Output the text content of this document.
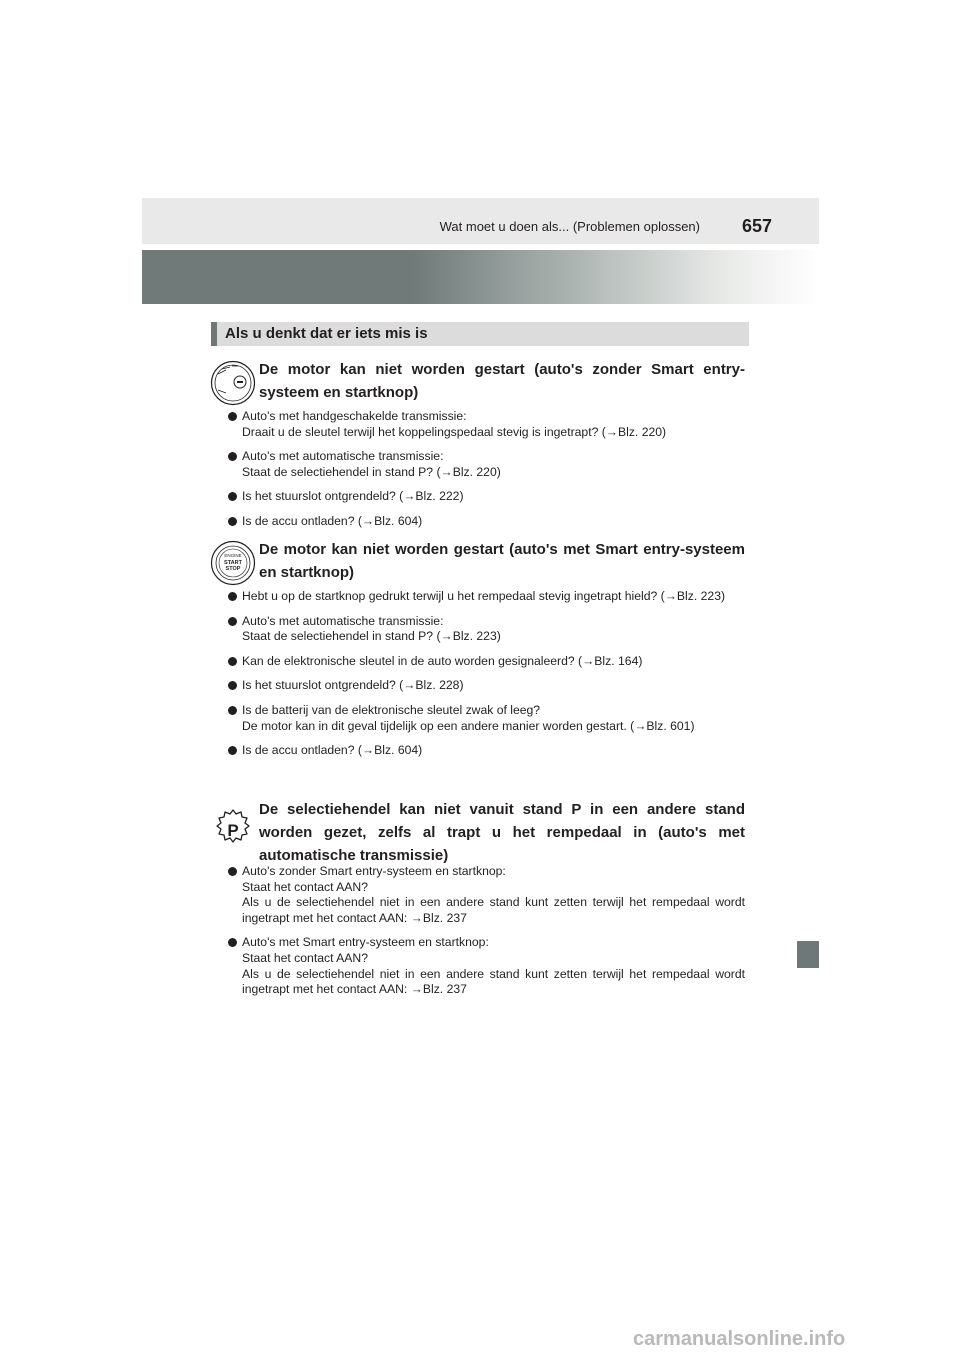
Wat moet u doen als... (Problemen oplossen) 657
Als u denkt dat er iets mis is
De motor kan niet worden gestart (auto's zonder Smart entry-systeem en startknop)
Auto's met handgeschakelde transmissie:
Draait u de sleutel terwijl het koppelingspedaal stevig is ingetrapt? (→Blz. 220)
Auto's met automatische transmissie:
Staat de selectiehendel in stand P? (→Blz. 220)
Is het stuurslot ontgrendeld? (→Blz. 222)
Is de accu ontladen? (→Blz. 604)
ENGINE
START
STOP
De motor kan niet worden gestart (auto's met Smart entry-systeem en startknop)
Hebt u op de startknop gedrukt terwijl u het rempedaal stevig ingetrapt hield? (→Blz. 223)
Auto's met automatische transmissie:
Staat de selectiehendel in stand P? (→Blz. 223)
Kan de elektronische sleutel in de auto worden gesignaleerd? (→Blz. 164)
Is het stuurslot ontgrendeld? (→Blz. 228)
Is de batterij van de elektronische sleutel zwak of leeg?
De motor kan in dit geval tijdelijk op een andere manier worden gestart. (→Blz. 601)
Is de accu ontladen? (→Blz. 604)
P
De selectiehendel kan niet vanuit stand P in een andere stand worden gezet, zelfs al trapt u het rempedaal in (auto's met automatische transmissie)
Auto's zonder Smart entry-systeem en startknop:
Staat het contact AAN?
Als u de selectiehendel niet in een andere stand kunt zetten terwijl het rempedaal wordt ingetrapt met het contact AAN: →Blz. 237
Auto's met Smart entry-systeem en startknop:
Staat het contact AAN?
Als u de selectiehendel niet in een andere stand kunt zetten terwijl het rempedaal wordt ingetrapt met het contact AAN: →Blz. 237
carmanualsonline.info
